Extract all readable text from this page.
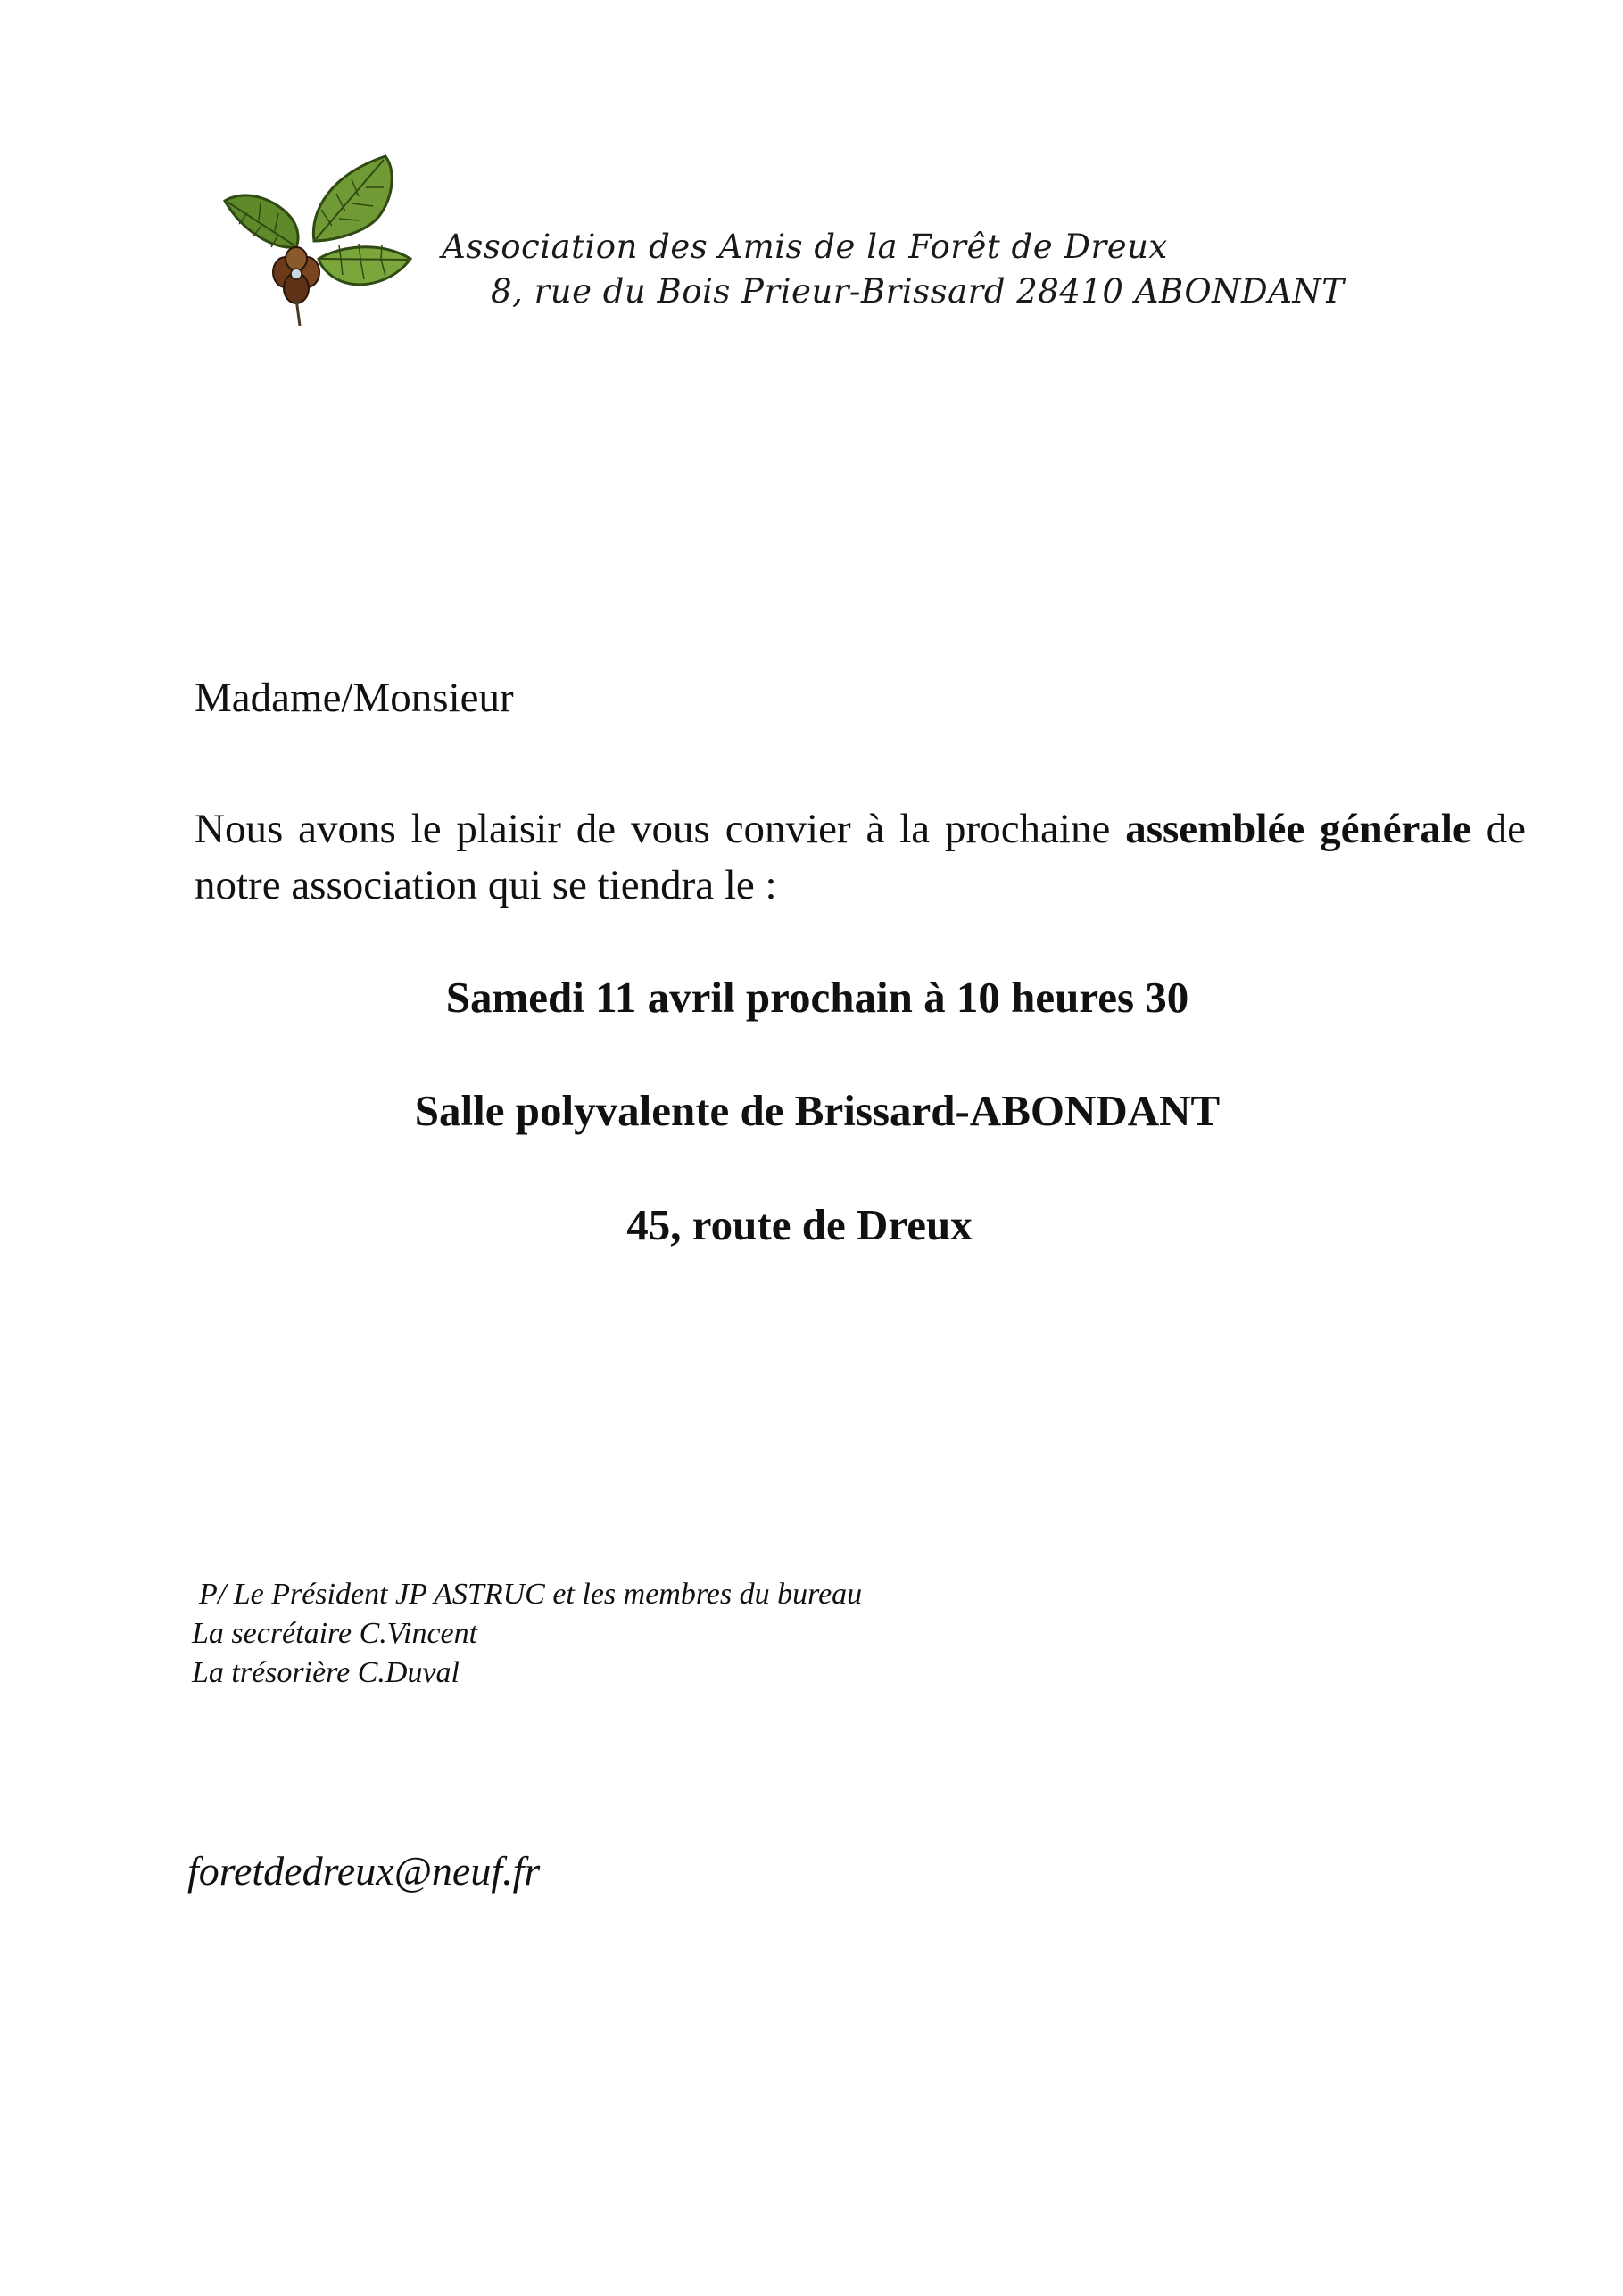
Association des Amis de la Forêt de Dreux
8, rue du Bois Prieur-Brissard 28410 ABONDANT
Madame/Monsieur
Nous avons le plaisir de vous convier à la prochaine assemblée générale de notre association qui se tiendra le :
Samedi 11 avril prochain à 10 heures 30
Salle polyvalente de Brissard-ABONDANT
45, route de Dreux
P/ Le Président JP ASTRUC et les membres du bureau
La secrétaire C.Vincent
La trésorière C.Duval
foretdedreux@neuf.fr
